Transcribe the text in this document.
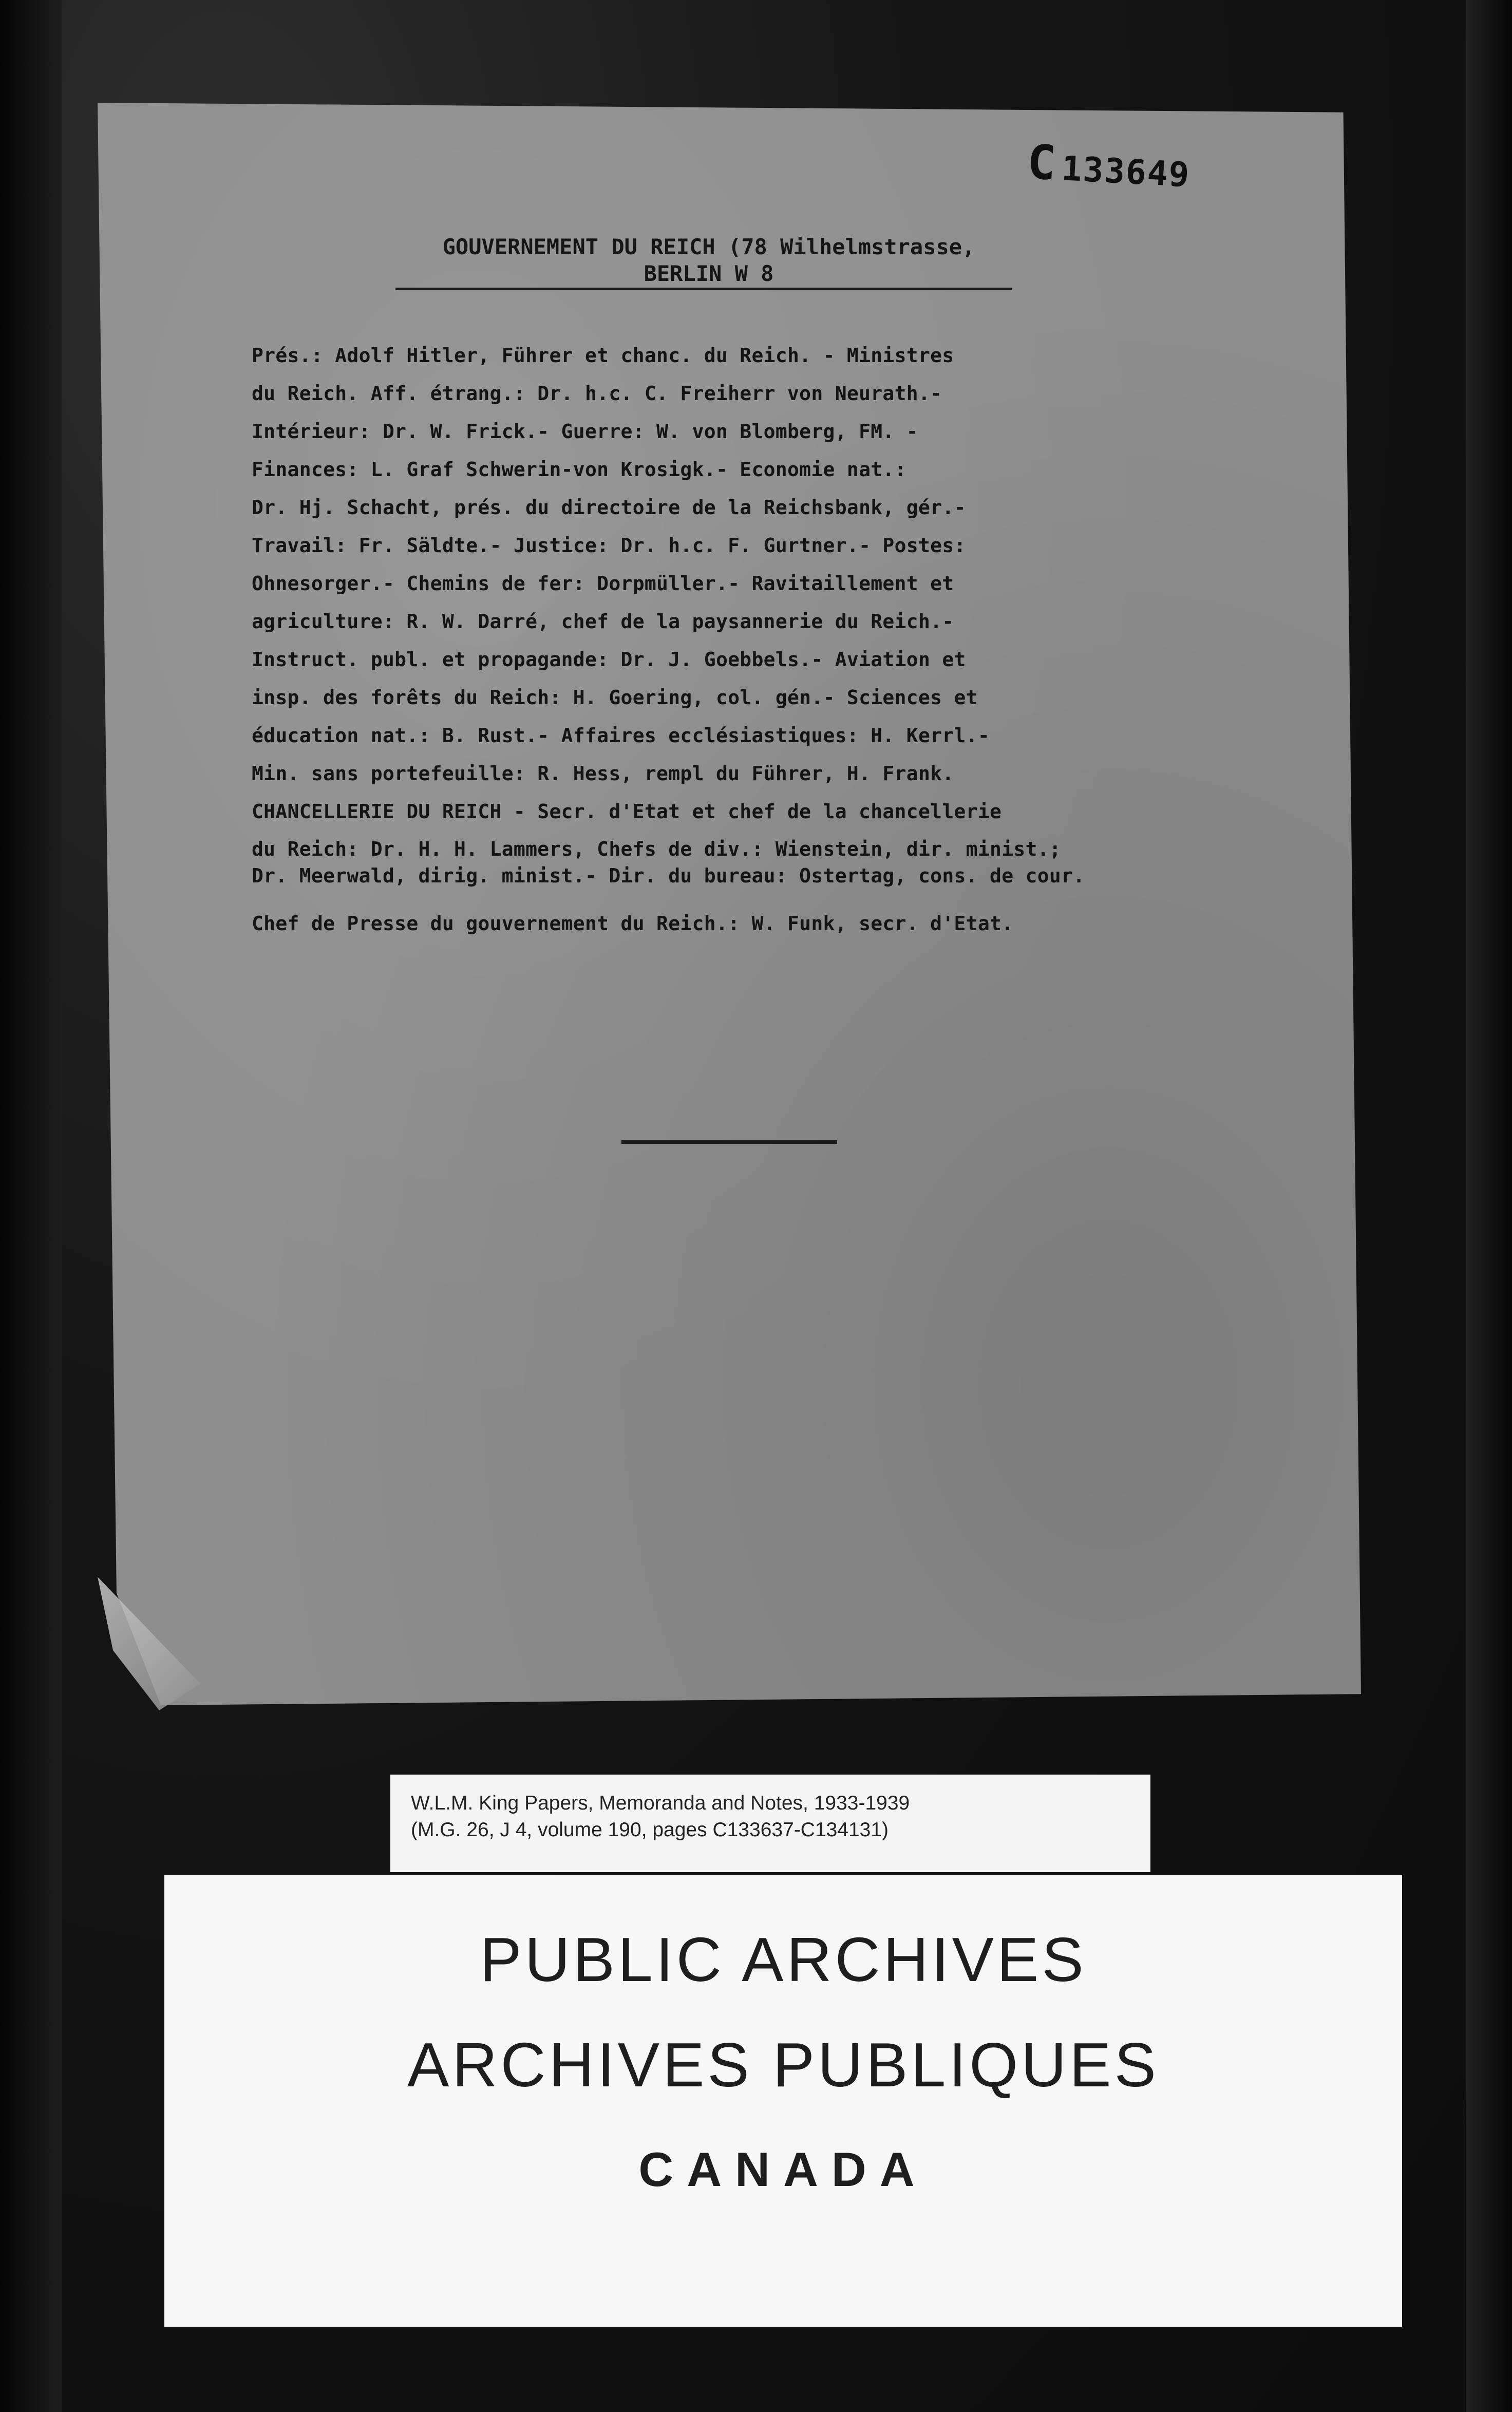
C133649
GOUVERNEMENT DU REICH (78 Wilhelmstrasse,
BERLIN W 8
Prés.: Adolf Hitler, Führer et chanc. du Reich. - Ministres
du Reich. Aff. étrang.: Dr. h.c. C. Freiherr von Neurath.-
Intérieur: Dr. W. Frick.- Guerre: W. von Blomberg, FM. -
Finances: L. Graf Schwerin-von Krosigk.- Economie nat.:
Dr. Hj. Schacht, prés. du directoire de la Reichsbank, gér.-
Travail: Fr. Säldte.- Justice: Dr. h.c. F. Gurtner.- Postes:
Ohnesorger.- Chemins de fer: Dorpmüller.- Ravitaillement et
agriculture: R. W. Darré, chef de la paysannerie du Reich.-
Instruct. publ. et propagande: Dr. J. Goebbels.- Aviation et
insp. des forêts du Reich: H. Goering, col. gén.- Sciences et
éducation nat.: B. Rust.- Affaires ecclésiastiques: H. Kerrl.-
Min. sans portefeuille: R. Hess, rempl du Führer, H. Frank.
CHANCELLERIE DU REICH - Secr. d'Etat et chef de la chancellerie
du Reich: Dr. H. H. Lammers, Chefs de div.: Wienstein, dir. minist.;
Dr. Meerwald, dirig. minist.- Dir. du bureau: Ostertag, cons. de cour.
Chef de Presse du gouvernement du Reich.: W. Funk, secr. d'Etat.
W.L.M. King Papers, Memoranda and Notes, 1933-1939
(M.G. 26, J 4, volume 190, pages C133637-C134131)
PUBLIC ARCHIVES
ARCHIVES PUBLIQUES
CANADA
